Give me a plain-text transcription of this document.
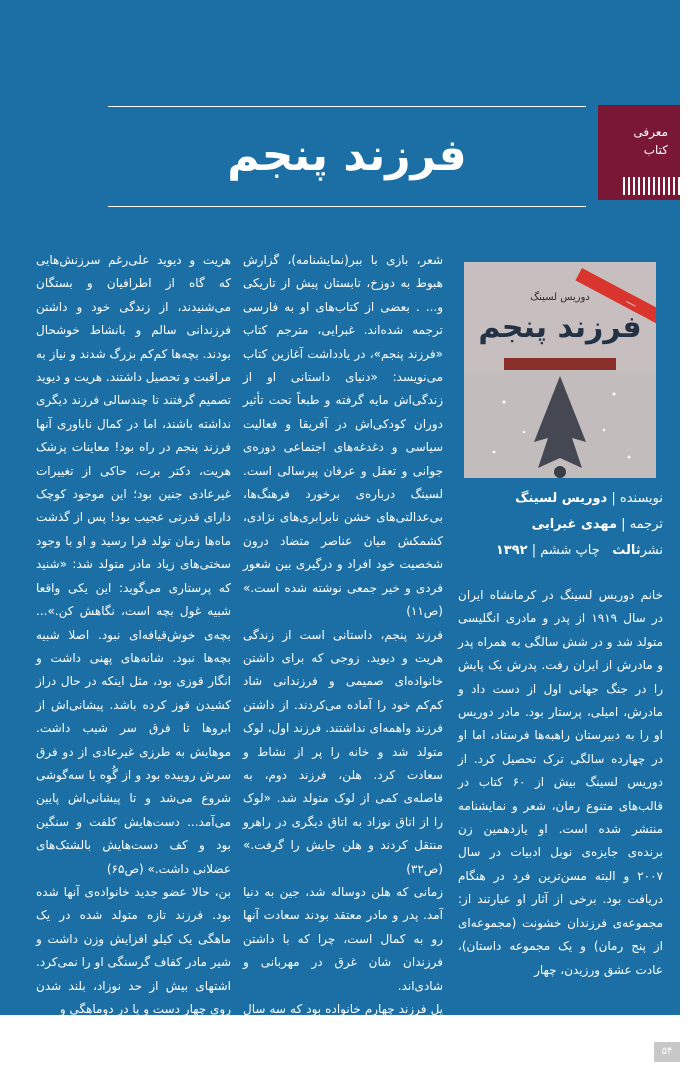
معرفی
کتاب
فرزند پنجم
ـــــ
دوریس لسینگ
فرزند پنجم
نویسنده | دوریس لسینگ
ترجمه | مهدی غبرایی
نشرثالث   چاپ ششم | ۱۳۹۲

خانم دوریس لسینگ در کرمانشاه ایران در سال ۱۹۱۹ از پدر و مادری انگلیسی متولد شد و در شش سالگی به همراه پدر و مادرش از ایران رفت. پدرش یک پایش را در جنگ جهانی اول از دست داد و مادرش، امیلی، پرستار بود. مادر دوریس او را به دبیرستان راهبه‌ها فرستاد، اما او در چهارده سالگی ترک تحصیل کرد. از دوریس لسینگ بیش از ۶۰ کتاب در قالب‌های متنوع رمان، شعر و نمایشنامه منتشر شده است. او یازدهمین زن برنده‌ی جایزه‌ی نوبل ادبیات در سال ۲۰۰۷ و البته مسن‌ترین فرد در هنگام دریافت بود. برخی از آثار او عبارتند از: مجموعه‌ی فرزندان خشونت (مجموعه‌ای از پنج رمان) و یک مجموعه داستان)، عادت عشق ورزیدن، چهار

شعر، بازی با ببر(نمایشنامه)، گزارش هبوط به دوزخ، تابستان پیش از تاریکی و... . بعضی از کتاب‌های او به فارسی ترجمه شده‌اند. غبرایی، مترجم کتاب «فرزند پنجم»، در یادداشت آغازین کتاب می‌نویسد: «دنیای داستانی او از زندگی‌اش مایه گرفته و طبعاً تحت تأثیر دوران کودکی‌اش در آفریقا و فعالیت سیاسی و دغدغه‌های اجتماعی دوره‌ی جوانی و تعقل و عرفان پیرسالی است. لسینگ درباره‌ی برخورد فرهنگ‌ها، بی‌عدالتی‌های خشن نابرابری‌های نژادی، کشمکش میان عناصر متضاد درون شخصیت خود افراد و درگیری بین شعور فردی و خیر جمعی نوشته شده است.» (ص۱۱)

فرزند پنجم، داستانی است از زندگی هریت و دیوید. زوجی که برای داشتن خانواده‌ای صمیمی و فرزندانی شاد کم‌کم خود را آماده می‌کردند. از داشتن فرزند واهمه‌ای نداشتند. فرزند اول، لوک متولد شد و خانه را پر از نشاط و سعادت کرد. هلن، فرزند دوم، به فاصله‌ی کمی از لوک متولد شد. «لوک را از اتاق نوزاد به اتاق دیگری در راهرو منتقل کردند و هلن جایش را گرفت.» (ص۳۲)

زمانی که هلن دوساله شد، جین به دنیا آمد. پدر و مادر معتقد بودند سعادت آنها رو به کمال است، چرا که با داشتن فرزندان شان غرق در مهربانی و شادی‌اند.

پل فرزند چهارم خانواده بود که سه سال پس از جین پا به دنیا گذاشت.

هریت و دیوید علی‌رغم سرزنش‌هایی که گاه از اطرافیان و بستگان می‌شنیدند، از زندگی خود و داشتن فرزندانی سالم و بانشاط خوشحال بودند. بچه‌ها کم‌کم بزرگ شدند و نیاز به مراقبت و تحصیل داشتند. هریت و دیوید تصمیم گرفتند تا چندسالی فرزند دیگری نداشته باشند، اما در کمال ناباوری آنها فرزند پنجم در راه بود! معاینات پزشک هریت، دکتر برت، حاکی از تغییرات غیرعادی جنین بود؛ این موجود کوچک دارای قدرتی عجیب بود! پس از گذشت ماه‌ها زمان تولد فرا رسید و او با وجود سختی‌های زیاد مادر متولد شد: «شنید که پرستاری می‌گوید: این یکی واقعا شبیه غول بچه است، نگاهش کن.»... بچه‌ی خوش‌قیافه‌ای نبود. اصلا شبیه بچه‌ها نبود. شانه‌های پهنی داشت و انگار قوزی بود، مثل اینکه در حال دراز کشیدن قوز کرده باشد. پیشانی‌اش از ابروها تا فرق سر شیب داشت. موهایش به طرزی غیرعادی از دو فرق سرش روییده بود و از گُوِه یا سه‌گوشی شروع می‌شد و تا پیشانی‌اش پایین می‌آمد... دست‌هایش کلفت و سنگین بود و کف دست‌هایش بالشتک‌های عضلانی داشت.» (ص۶۵)

بن، حالا عضو جدید خانواده‌ی آنها شده بود. فرزند تازه متولد شده در یک ماهگی یک کیلو افزایش وزن داشت و شیر مادر کفاف گرسنگی او را نمی‌کرد. اشتهای بیش از حد نوزاد، بلند شدن روی چهار دست و پا در دوماهگی و

۵۴
